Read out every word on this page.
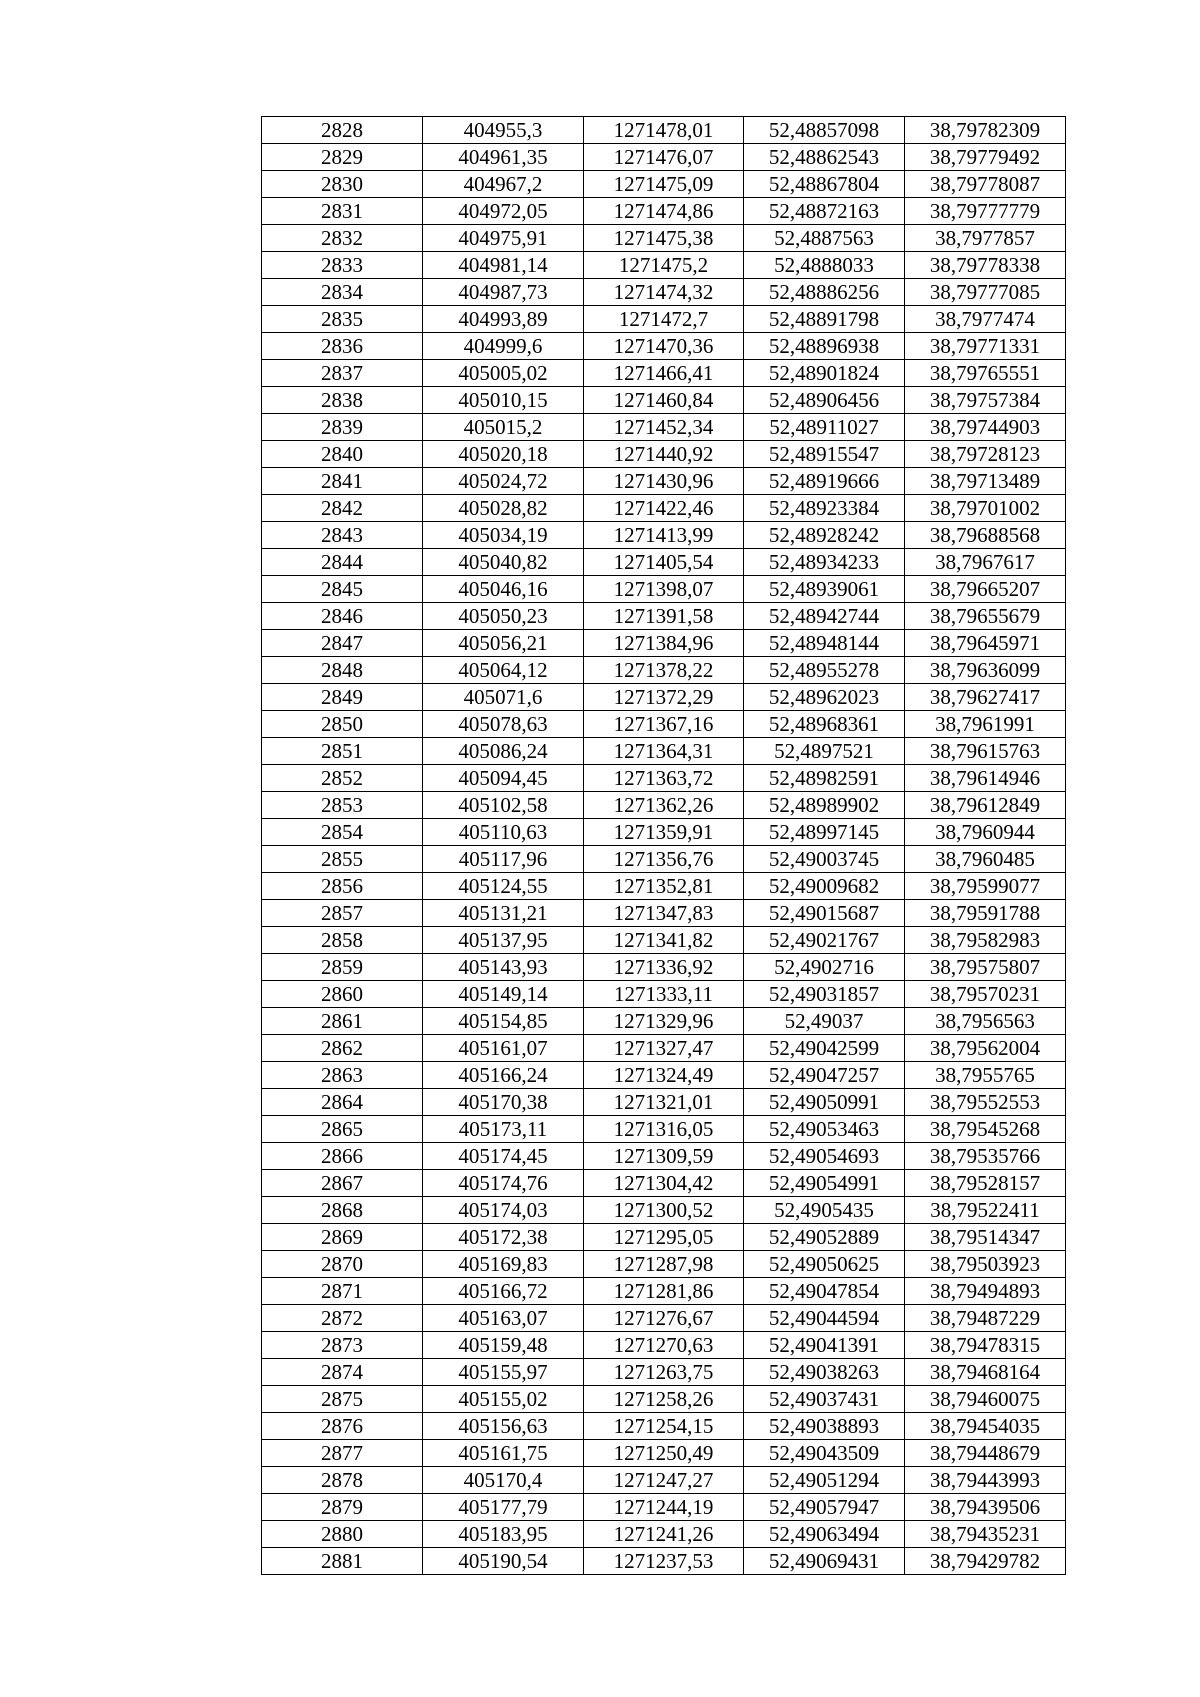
2828	404955,3	1271478,01	52,48857098	38,79782309
2829	404961,35	1271476,07	52,48862543	38,79779492
2830	404967,2	1271475,09	52,48867804	38,79778087
2831	404972,05	1271474,86	52,48872163	38,79777779
2832	404975,91	1271475,38	52,4887563	38,7977857
2833	404981,14	1271475,2	52,4888033	38,79778338
2834	404987,73	1271474,32	52,48886256	38,79777085
2835	404993,89	1271472,7	52,48891798	38,7977474
2836	404999,6	1271470,36	52,48896938	38,79771331
2837	405005,02	1271466,41	52,48901824	38,79765551
2838	405010,15	1271460,84	52,48906456	38,79757384
2839	405015,2	1271452,34	52,48911027	38,79744903
2840	405020,18	1271440,92	52,48915547	38,79728123
2841	405024,72	1271430,96	52,48919666	38,79713489
2842	405028,82	1271422,46	52,48923384	38,79701002
2843	405034,19	1271413,99	52,48928242	38,79688568
2844	405040,82	1271405,54	52,48934233	38,7967617
2845	405046,16	1271398,07	52,48939061	38,79665207
2846	405050,23	1271391,58	52,48942744	38,79655679
2847	405056,21	1271384,96	52,48948144	38,79645971
2848	405064,12	1271378,22	52,48955278	38,79636099
2849	405071,6	1271372,29	52,48962023	38,79627417
2850	405078,63	1271367,16	52,48968361	38,7961991
2851	405086,24	1271364,31	52,4897521	38,79615763
2852	405094,45	1271363,72	52,48982591	38,79614946
2853	405102,58	1271362,26	52,48989902	38,79612849
2854	405110,63	1271359,91	52,48997145	38,7960944
2855	405117,96	1271356,76	52,49003745	38,7960485
2856	405124,55	1271352,81	52,49009682	38,79599077
2857	405131,21	1271347,83	52,49015687	38,79591788
2858	405137,95	1271341,82	52,49021767	38,79582983
2859	405143,93	1271336,92	52,4902716	38,79575807
2860	405149,14	1271333,11	52,49031857	38,79570231
2861	405154,85	1271329,96	52,49037	38,7956563
2862	405161,07	1271327,47	52,49042599	38,79562004
2863	405166,24	1271324,49	52,49047257	38,7955765
2864	405170,38	1271321,01	52,49050991	38,79552553
2865	405173,11	1271316,05	52,49053463	38,79545268
2866	405174,45	1271309,59	52,49054693	38,79535766
2867	405174,76	1271304,42	52,49054991	38,79528157
2868	405174,03	1271300,52	52,4905435	38,79522411
2869	405172,38	1271295,05	52,49052889	38,79514347
2870	405169,83	1271287,98	52,49050625	38,79503923
2871	405166,72	1271281,86	52,49047854	38,79494893
2872	405163,07	1271276,67	52,49044594	38,79487229
2873	405159,48	1271270,63	52,49041391	38,79478315
2874	405155,97	1271263,75	52,49038263	38,79468164
2875	405155,02	1271258,26	52,49037431	38,79460075
2876	405156,63	1271254,15	52,49038893	38,79454035
2877	405161,75	1271250,49	52,49043509	38,79448679
2878	405170,4	1271247,27	52,49051294	38,79443993
2879	405177,79	1271244,19	52,49057947	38,79439506
2880	405183,95	1271241,26	52,49063494	38,79435231
2881	405190,54	1271237,53	52,49069431	38,79429782
